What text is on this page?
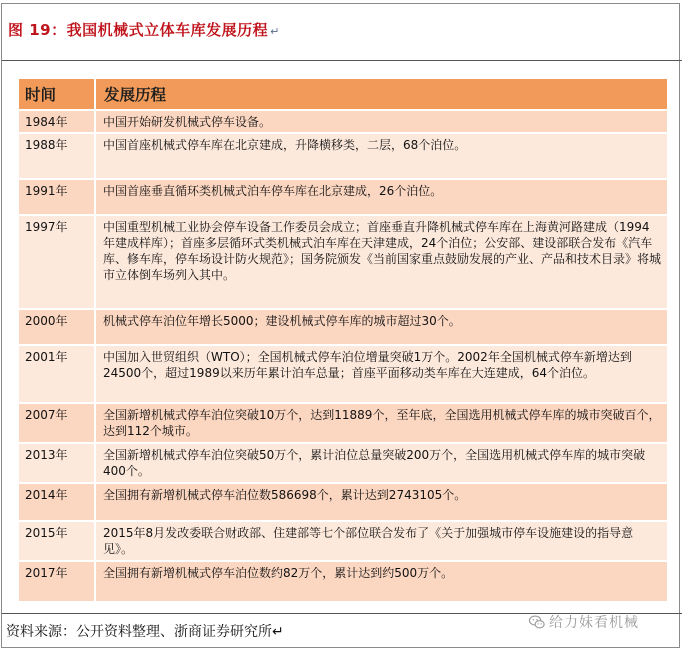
图 19：我国机械式立体车库发展历程 ↵
时间	发展历程
1984年	中国开始研发机械式停车设备。
1988年	中国首座机械式停车库在北京建成，升降横移类，二层，68个泊位。
1991年	中国首座垂直循环类机械式泊车停车库在北京建成，26个泊位。
1997年	中国重型机械工业协会停车设备工作委员会成立；首座垂直升降机械式停车库在上海黄河路建成（1994年建成样库）；首座多层循环式类机械式泊车库在天津建成，24个泊位；公安部、建设部联合发布《汽车库、修车库，停车场设计防火规范》；国务院颁发《当前国家重点鼓励发展的产业、产品和技术目录》将城市立体倒车场列入其中。
2000年	机械式停车泊位年增长5000；建设机械式停车库的城市超过30个。
2001年	中国加入世贸组织（WTO）；全国机械式停车泊位增量突破1万个。2002年全国机械式停车新增达到24500个，超过1989以来历年累计泊车总量；首座平面移动类车库在大连建成，64个泊位。
2007年	全国新增机械式停车泊位突破10万个，达到11889个，至年底，全国选用机械式停车库的城市突破百个，达到112个城市。
2013年	全国新增机械式停车泊位突破50万个，累计泊位总量突破200万个，全国选用机械式停车库的城市突破400个。
2014年	全国拥有新增机械式停车泊位数586698个，累计达到2743105个。
2015年	2015年8月发改委联合财政部、住建部等七个部位联合发布了《关于加强城市停车设施建设的指导意见》。
2017年	全国拥有新增机械式停车泊位数约82万个，累计达到约500万个。
资料来源：公开资料整理、浙商证券研究所↵
给力妹看机械
